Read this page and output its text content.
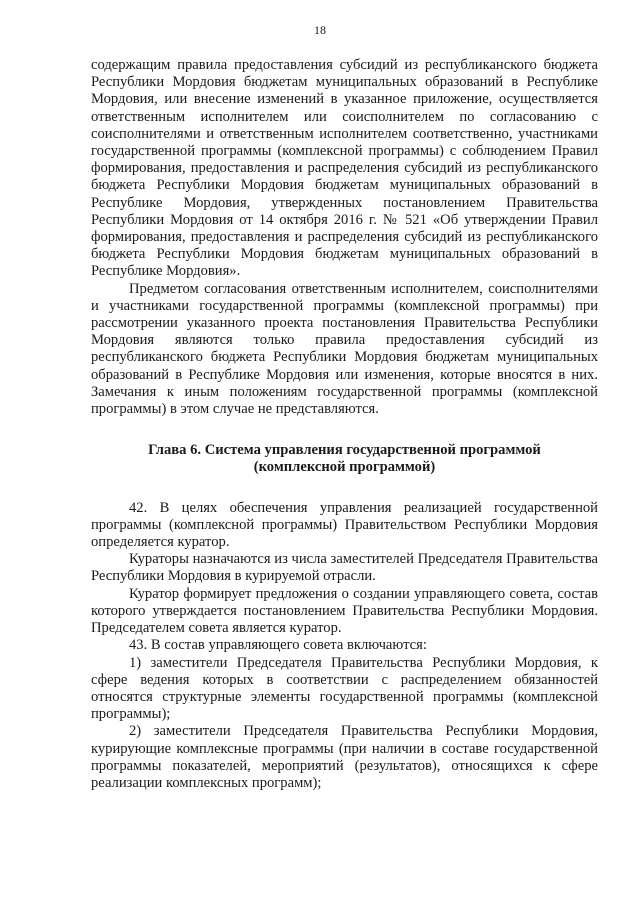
18

содержащим правила предоставления субсидий из республиканского бюджета Республики Мордовия бюджетам муниципальных образований в Республике Мордовия, или внесение изменений в указанное приложение, осуществляется ответственным исполнителем или соисполнителем по согласованию с соисполнителями и ответственным исполнителем соответственно, участниками государственной программы (комплексной программы) с соблюдением Правил формирования, предоставления и распределения субсидий из республиканского бюджета Республики Мордовия бюджетам муниципальных образований в Республике Мордовия, утвержденных постановлением Правительства Республики Мордовия от 14 октября 2016 г. № 521 «Об утверждении Правил формирования, предоставления и распределения субсидий из республиканского бюджета Республики Мордовия бюджетам муниципальных образований в Республике Мордовия».

Предметом согласования ответственным исполнителем, соисполнителями и участниками государственной программы (комплексной программы) при рассмотрении указанного проекта постановления Правительства Республики Мордовия являются только правила предоставления субсидий из республиканского бюджета Республики Мордовия бюджетам муниципальных образований в Республике Мордовия или изменения, которые вносятся в них. Замечания к иным положениям государственной программы (комплексной программы) в этом случае не представляются.

Глава 6. Система управления государственной программой (комплексной программой)

42. В целях обеспечения управления реализацией государственной программы (комплексной программы) Правительством Республики Мордовия определяется куратор.

Кураторы назначаются из числа заместителей Председателя Правительства Республики Мордовия в курируемой отрасли.

Куратор формирует предложения о создании управляющего совета, состав которого утверждается постановлением Правительства Республики Мордовия. Председателем совета является куратор.

43. В состав управляющего совета включаются:

1) заместители Председателя Правительства Республики Мордовия, к сфере ведения которых в соответствии с распределением обязанностей относятся структурные элементы государственной программы (комплексной программы);

2) заместители Председателя Правительства Республики Мордовия, курирующие комплексные программы (при наличии в составе государственной программы показателей, мероприятий (результатов), относящихся к сфере реализации комплексных программ);
